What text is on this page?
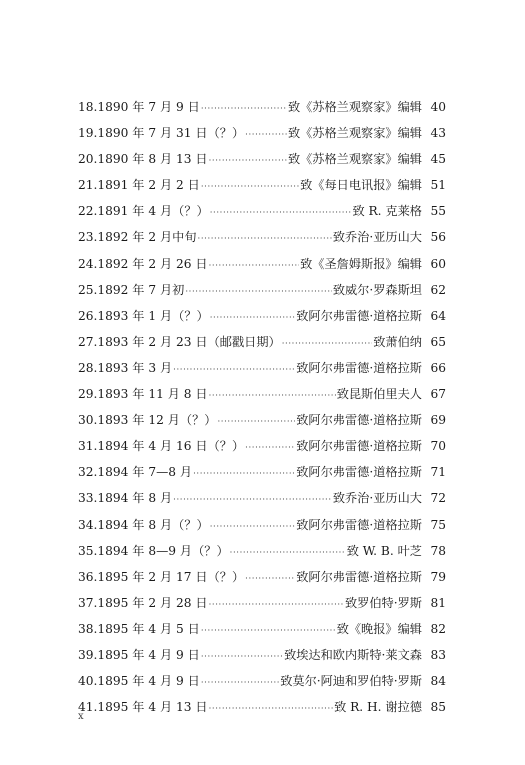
18. 1890 年 7 月 9 日 ·····	致《苏格兰观察家》编辑 40
19. 1890 年 7 月 31 日（？） ·····	致《苏格兰观察家》编辑 43
20. 1890 年 8 月 13 日 ·····	致《苏格兰观察家》编辑 45
21. 1891 年 2 月 2 日 ·····	致《每日电讯报》编辑 51
22. 1891 年 4 月（？） ·····	致 R. 克莱格 55
23. 1892 年 2 月中旬 ·····	致乔治·亚历山大 56
24. 1892 年 2 月 26 日 ·····	致《圣詹姆斯报》编辑 60
25. 1892 年 7 月初 ·····	致威尔·罗森斯坦 62
26. 1893 年 1 月（？） ·····	致阿尔弗雷德·道格拉斯 64
27. 1893 年 2 月 23 日（邮戳日期） ·····	致萧伯纳 65
28. 1893 年 3 月 ·····	致阿尔弗雷德·道格拉斯 66
29. 1893 年 11 月 8 日 ·····	致昆斯伯里夫人 67
30. 1893 年 12 月（？） ·····	致阿尔弗雷德·道格拉斯 69
31. 1894 年 4 月 16 日（？） ·····	致阿尔弗雷德·道格拉斯 70
32. 1894 年 7—8 月 ·····	致阿尔弗雷德·道格拉斯 71
33. 1894 年 8 月 ·····	致乔治·亚历山大 72
34. 1894 年 8 月（？） ·····	致阿尔弗雷德·道格拉斯 75
35. 1894 年 8—9 月（？） ·····	致 W. B. 叶芝 78
36. 1895 年 2 月 17 日（？） ·····	致阿尔弗雷德·道格拉斯 79
37. 1895 年 2 月 28 日 ·····	致罗伯特·罗斯 81
38. 1895 年 4 月 5 日 ·····	致《晚报》编辑 82
39. 1895 年 4 月 9 日 ·····	致埃达和欧内斯特·莱文森 83
40. 1895 年 4 月 9 日 ·····	致莫尔·阿迪和罗伯特·罗斯 84
41. 1895 年 4 月 13 日 ·····	致 R. H. 谢拉德 85
x
